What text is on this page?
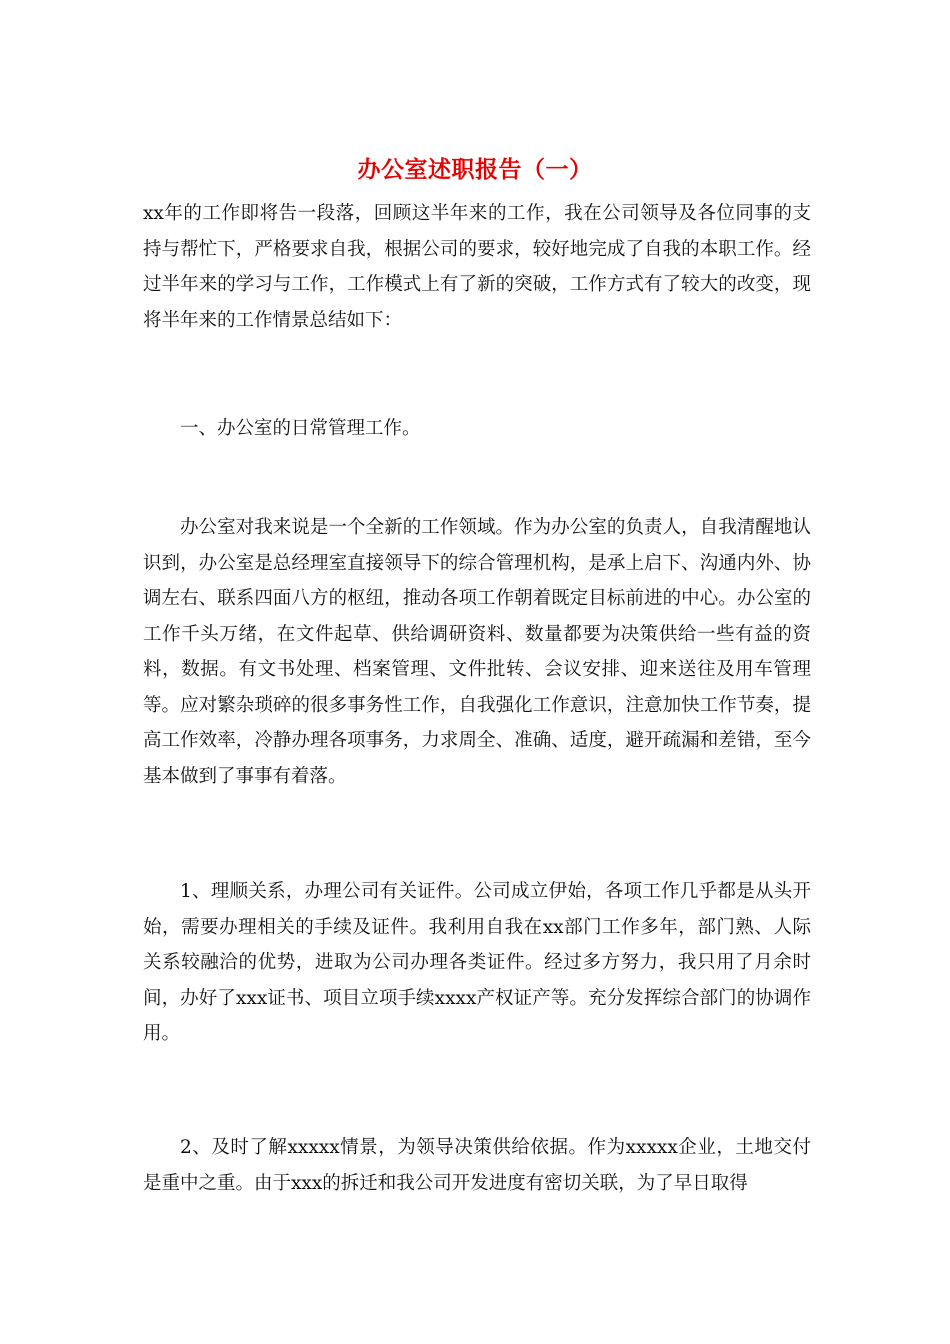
办公室述职报告（一）

xx年的工作即将告一段落，回顾这半年来的工作，我在公司领导及各位同事的支持与帮忙下，严格要求自我，根据公司的要求，较好地完成了自我的本职工作。经过半年来的学习与工作，工作模式上有了新的突破，工作方式有了较大的改变，现将半年来的工作情景总结如下：

一、办公室的日常管理工作。

办公室对我来说是一个全新的工作领域。作为办公室的负责人，自我清醒地认识到，办公室是总经理室直接领导下的综合管理机构，是承上启下、沟通内外、协调左右、联系四面八方的枢纽，推动各项工作朝着既定目标前进的中心。办公室的工作千头万绪，在文件起草、供给调研资料、数量都要为决策供给一些有益的资料，数据。有文书处理、档案管理、文件批转、会议安排、迎来送往及用车管理等。应对繁杂琐碎的很多事务性工作，自我强化工作意识，注意加快工作节奏，提高工作效率，冷静办理各项事务，力求周全、准确、适度，避开疏漏和差错，至今基本做到了事事有着落。

1、理顺关系，办理公司有关证件。公司成立伊始，各项工作几乎都是从头开始，需要办理相关的手续及证件。我利用自我在xx部门工作多年，部门熟、人际关系较融洽的优势，进取为公司办理各类证件。经过多方努力，我只用了月余时间，办好了xxx证书、项目立项手续xxxx产权证产等。充分发挥综合部门的协调作用。

2、及时了解xxxxx情景，为领导决策供给依据。作为xxxxx企业，土地交付是重中之重。由于xxx的拆迁和我公司开发进度有密切关联，为了早日取得
